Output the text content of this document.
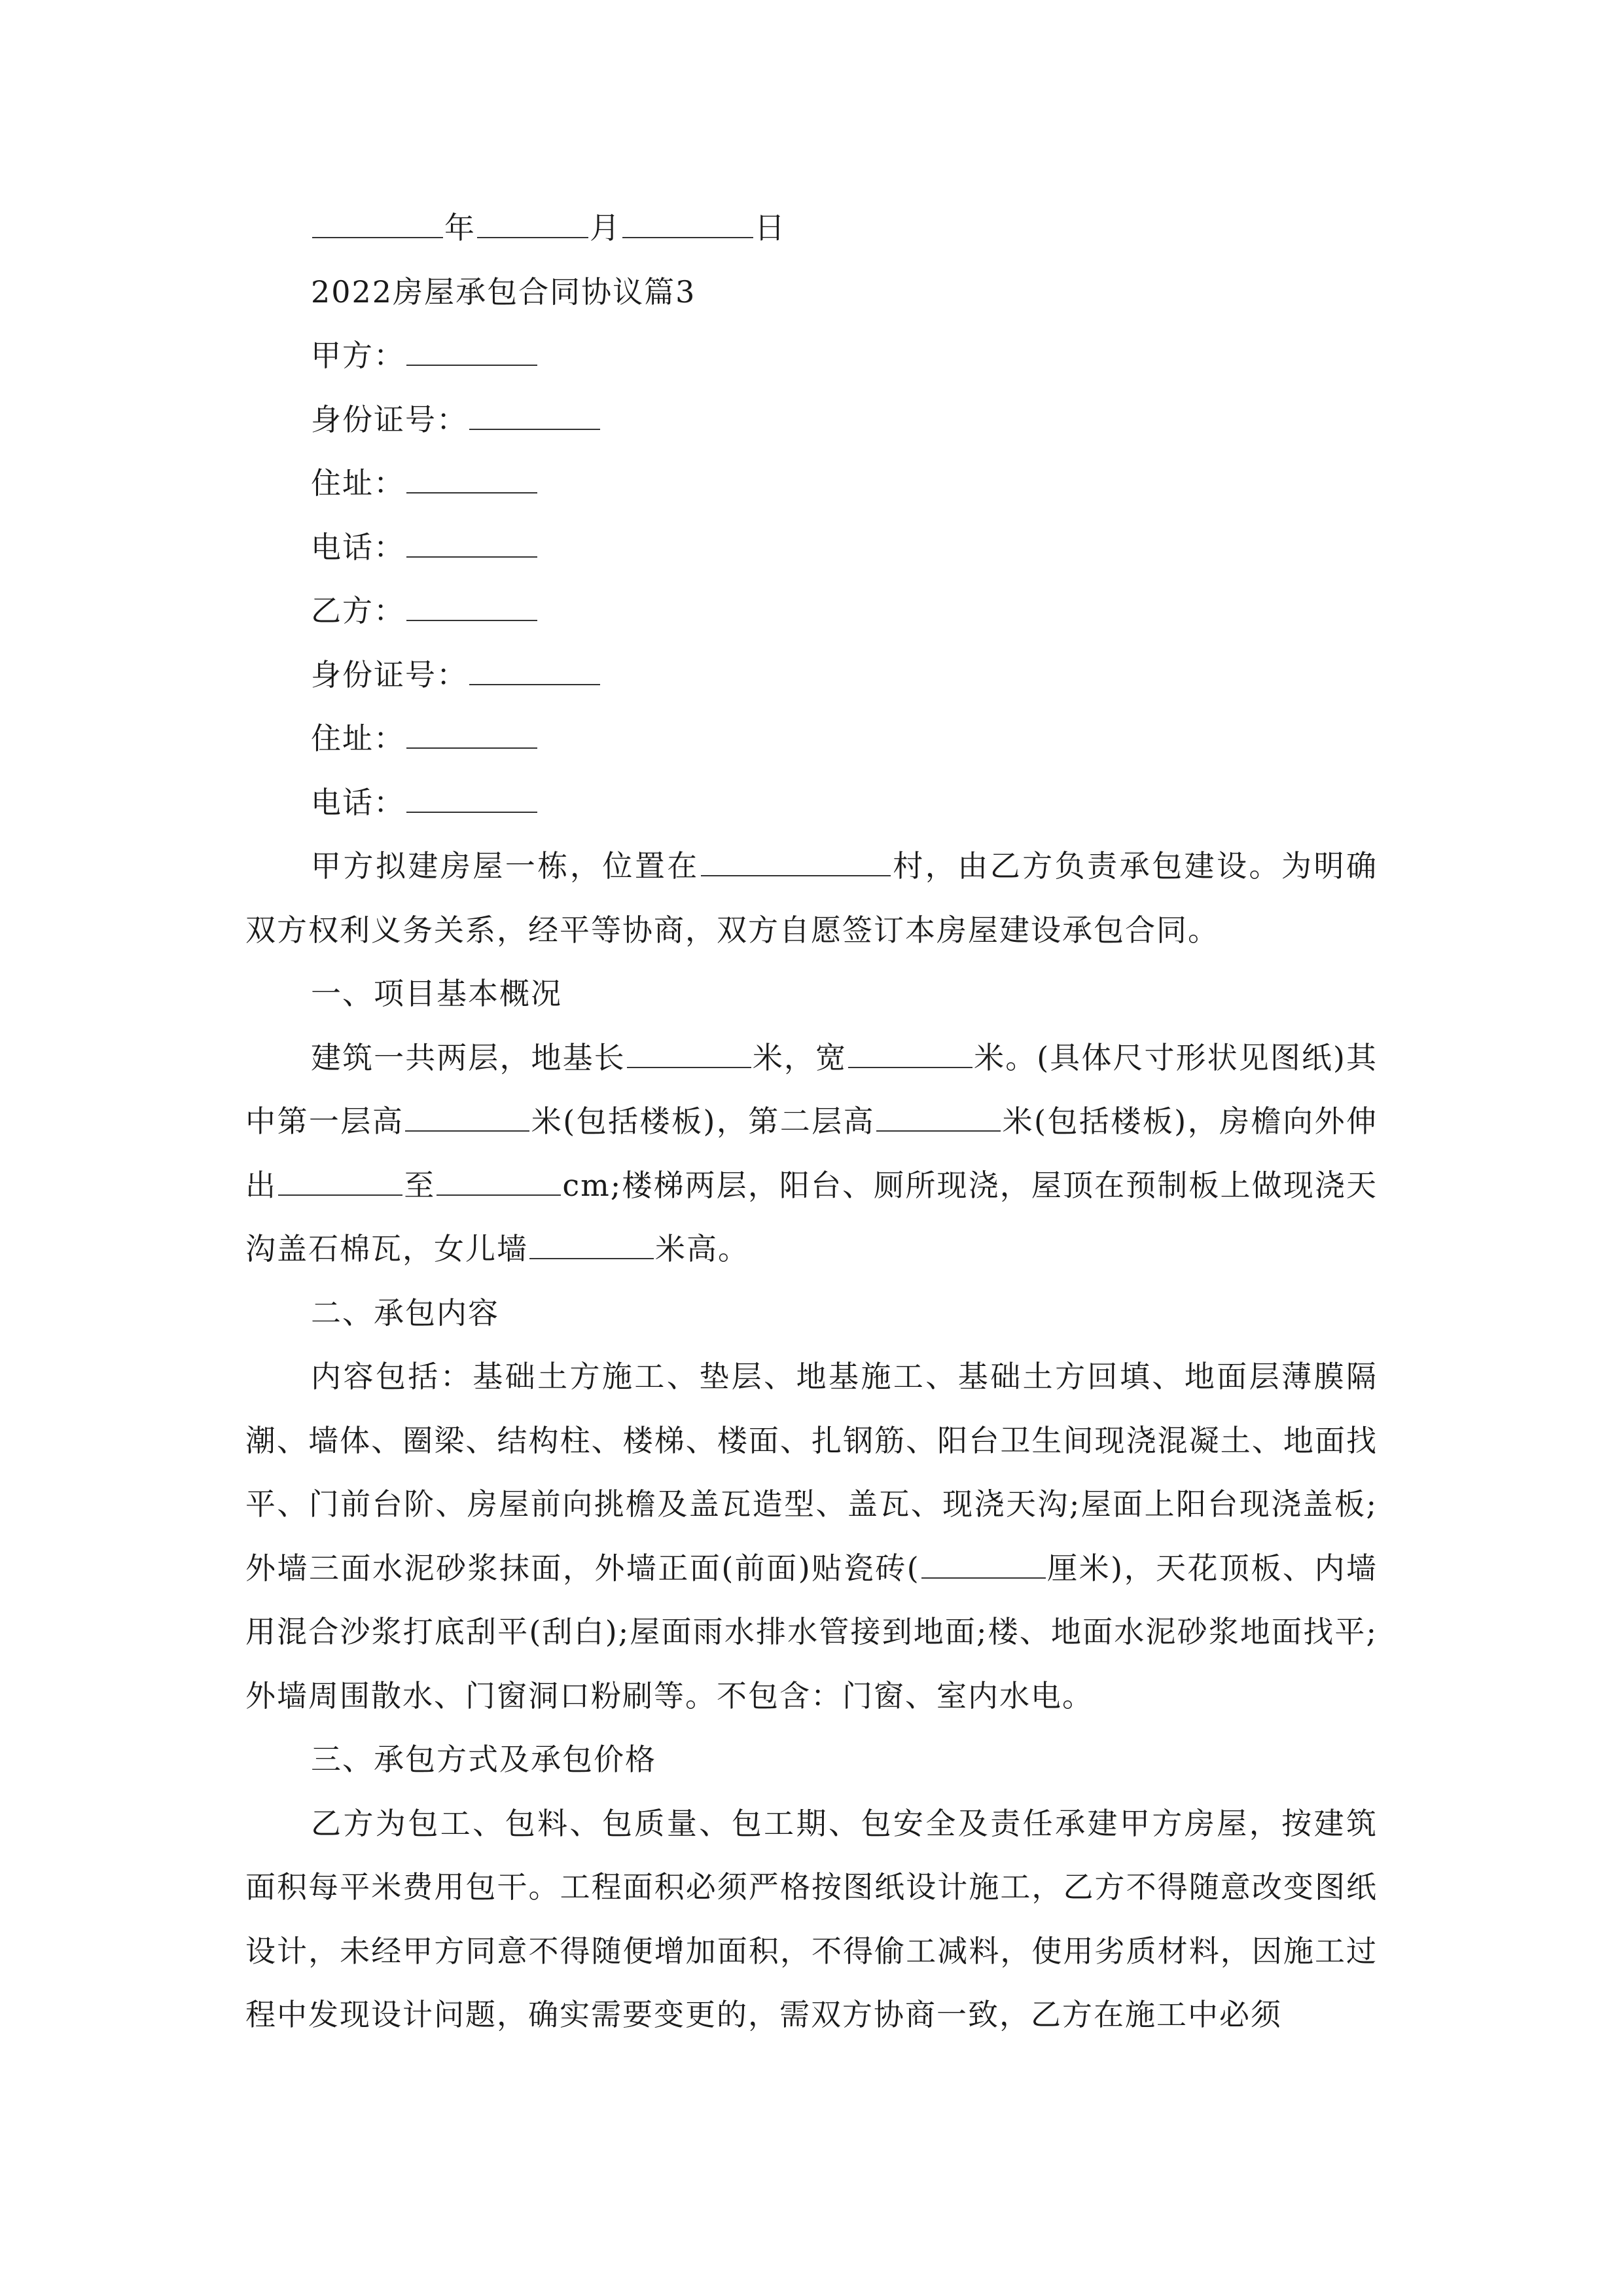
年	月	日

2022房屋承包合同协议篇3

甲方：

身份证号：

住址：

电话：

乙方：

身份证号：

住址：

电话：

甲方拟建房屋一栋，位置在	村，由乙方负责承包建设。为明确双方权利义务关系，经平等协商，双方自愿签订本房屋建设承包合同。

一、项目基本概况

建筑一共两层，地基长	米，宽	米。(具体尺寸形状见图纸)其中第一层高	米(包括楼板)，第二层高	米(包括楼板)，房檐向外伸出	至	cm;楼梯两层，阳台、厕所现浇，屋顶在预制板上做现浇天沟盖石棉瓦，女儿墙	米高。

二、承包内容

内容包括：基础土方施工、垫层、地基施工、基础土方回填、地面层薄膜隔潮、墙体、圈梁、结构柱、楼梯、楼面、扎钢筋、阳台卫生间现浇混凝土、地面找平、门前台阶、房屋前向挑檐及盖瓦造型、盖瓦、现浇天沟;屋面上阳台现浇盖板;外墙三面水泥砂浆抹面，外墙正面(前面)贴瓷砖(	厘米)，天花顶板、内墙用混合沙浆打底刮平(刮白);屋面雨水排水管接到地面;楼、地面水泥砂浆地面找平;外墙周围散水、门窗洞口粉刷等。不包含：门窗、室内水电。

三、承包方式及承包价格

乙方为包工、包料、包质量、包工期、包安全及责任承建甲方房屋，按建筑面积每平米费用包干。工程面积必须严格按图纸设计施工，乙方不得随意改变图纸设计，未经甲方同意不得随便增加面积，不得偷工减料，使用劣质材料，因施工过程中发现设计问题，确实需要变更的，需双方协商一致，乙方在施工中必须
